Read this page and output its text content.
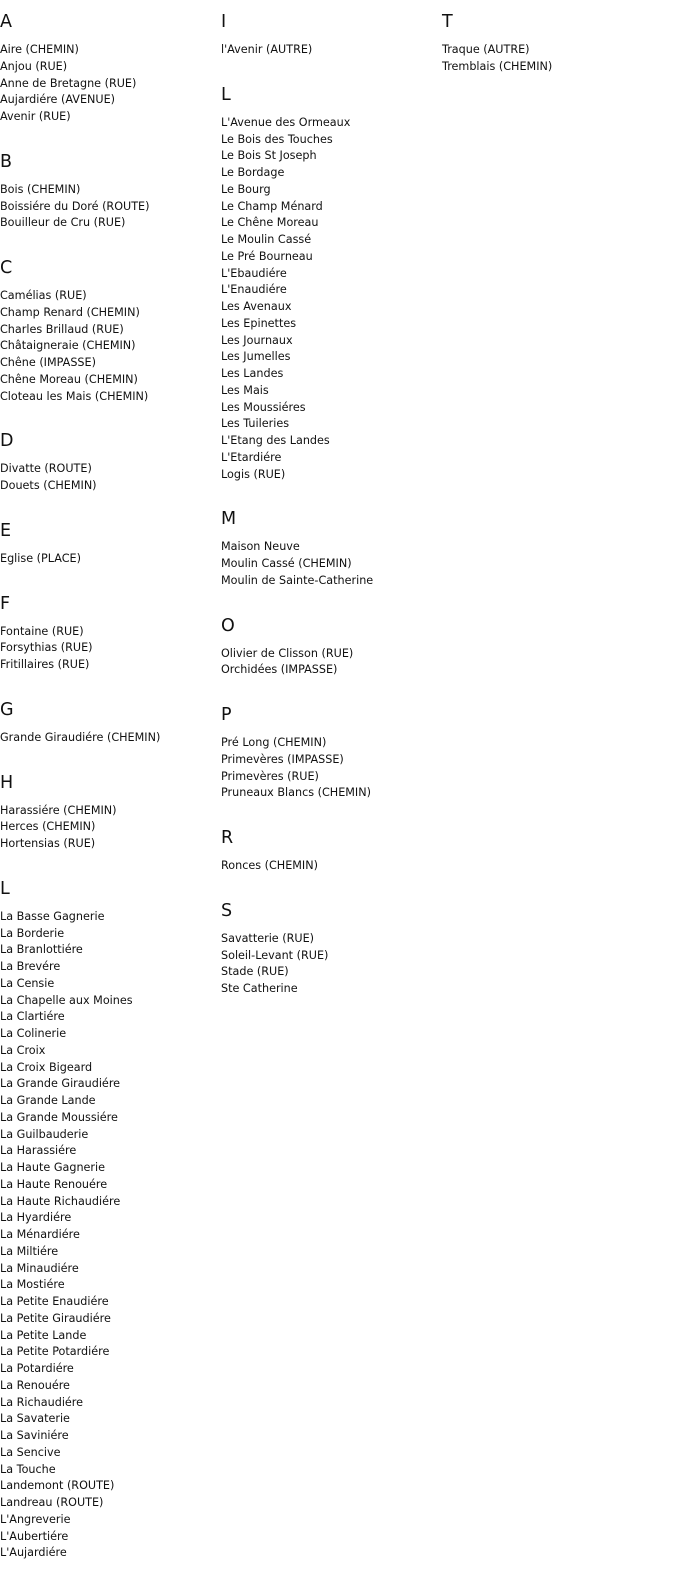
A
Aire (CHEMIN)
Anjou (RUE)
Anne de Bretagne (RUE)
Aujardiére (AVENUE)
Avenir (RUE)
B
Bois (CHEMIN)
Boissiére du Doré (ROUTE)
Bouilleur de Cru (RUE)
C
Camélias (RUE)
Champ Renard (CHEMIN)
Charles Brillaud (RUE)
Châtaigneraie (CHEMIN)
Chêne (IMPASSE)
Chêne Moreau (CHEMIN)
Cloteau les Mais (CHEMIN)
D
Divatte (ROUTE)
Douets (CHEMIN)
E
Eglise (PLACE)
F
Fontaine (RUE)
Forsythias (RUE)
Fritillaires (RUE)
G
Grande Giraudiére (CHEMIN)
H
Harassiére (CHEMIN)
Herces (CHEMIN)
Hortensias (RUE)
L
La Basse Gagnerie
La Borderie
La Branlottiére
La Brevére
La Censie
La Chapelle aux Moines
La Clartiére
La Colinerie
La Croix
La Croix Bigeard
La Grande Giraudiére
La Grande Lande
La Grande Moussiére
La Guilbauderie
La Harassiére
La Haute Gagnerie
La Haute Renouére
La Haute Richaudiére
La Hyardiére
La Ménardiére
La Miltiére
La Minaudiére
La Mostiére
La Petite Enaudiére
La Petite Giraudiére
La Petite Lande
La Petite Potardiére
La Potardiére
La Renouére
La Richaudiére
La Savaterie
La Saviniére
La Sencive
La Touche
Landemont (ROUTE)
Landreau (ROUTE)
L'Angreverie
L'Aubertiére
L'Aujardiére
I
l'Avenir (AUTRE)
L
L'Avenue des Ormeaux
Le Bois des Touches
Le Bois St Joseph
Le Bordage
Le Bourg
Le Champ Ménard
Le Chêne Moreau
Le Moulin Cassé
Le Pré Bourneau
L'Ebaudiére
L'Enaudiére
Les Avenaux
Les Epinettes
Les Journaux
Les Jumelles
Les Landes
Les Mais
Les Moussiéres
Les Tuileries
L'Etang des Landes
L'Etardiére
Logis (RUE)
M
Maison Neuve
Moulin Cassé (CHEMIN)
Moulin de Sainte-Catherine
O
Olivier de Clisson (RUE)
Orchidées (IMPASSE)
P
Pré Long (CHEMIN)
Primevères (IMPASSE)
Primevères (RUE)
Pruneaux Blancs (CHEMIN)
R
Ronces (CHEMIN)
S
Savatterie (RUE)
Soleil-Levant (RUE)
Stade (RUE)
Ste Catherine
T
Traque (AUTRE)
Tremblais (CHEMIN)
